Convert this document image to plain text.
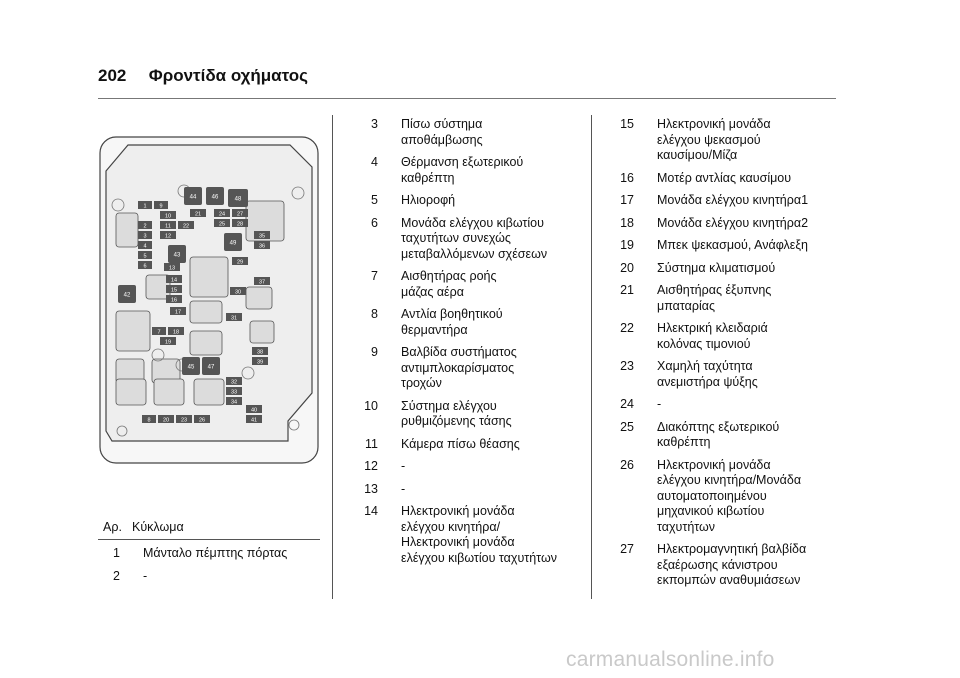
202 Φροντίδα οχήματος
1 9
10
2	11 22
3	12
4
5
6	13
14
15
16
17
7 18
19
8 20 23 26
21	24 27
25 28
35
36
29
37
30
31
38
39
32
33
34
40
41
42
43
44
45
46
47
48
49
Αρ. Κύκλωμα
1	Μάνταλο πέμπτης πόρτας
2	-
3	Πίσω σύστημα
αποθάμβωσης
4	Θέρμανση εξωτερικού
καθρέπτη
5	Ηλιοροφή
6	Μονάδα ελέγχου κιβωτίου
ταχυτήτων συνεχώς
μεταβαλλόμενων σχέσεων
7	Αισθητήρας ροής
μάζας αέρα
8	Αντλία βοηθητικού
θερμαντήρα
9	Βαλβίδα συστήματος
αντιμπλοκαρίσματος
τροχών
10	Σύστημα ελέγχου
ρυθμιζόμενης τάσης
11	Κάμερα πίσω θέασης
12	-
13	-
14	Ηλεκτρονική μονάδα
ελέγχου κινητήρα/
Ηλεκτρονική μονάδα
ελέγχου κιβωτίου ταχυτήτων
15	Ηλεκτρονική μονάδα
ελέγχου ψεκασμού
καυσίμου/Μίζα
16	Μοτέρ αντλίας καυσίμου
17	Μονάδα ελέγχου κινητήρα1
18	Μονάδα ελέγχου κινητήρα2
19	Μπεκ ψεκασμού, Ανάφλεξη
20	Σύστημα κλιματισμού
21	Αισθητήρας έξυπνης
μπαταρίας
22	Ηλεκτρική κλειδαριά
κολόνας τιμονιού
23	Χαμηλή ταχύτητα
ανεμιστήρα ψύξης
24	-
25	Διακόπτης εξωτερικού
καθρέπτη
26	Ηλεκτρονική μονάδα
ελέγχου κινητήρα/Μονάδα
αυτοματοποιημένου
μηχανικού κιβωτίου
ταχυτήτων
27	Ηλεκτρομαγνητική βαλβίδα
εξαέρωσης κάνιστρου
εκπομπών αναθυμιάσεων
carmanualsonline.info
